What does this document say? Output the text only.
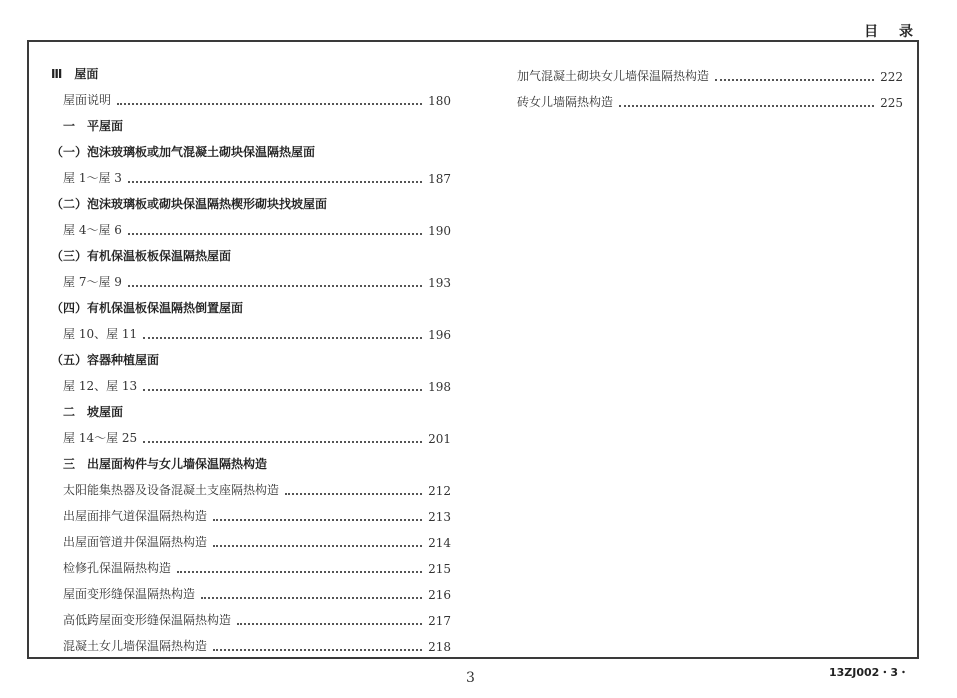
目 录
Ⅲ　屋面
屋面说明	180
一　平屋面
（一）泡沫玻璃板或加气混凝土砌块保温隔热屋面
屋 1～屋 3	187
（二）泡沫玻璃板或砌块保温隔热楔形砌块找坡屋面
屋 4～屋 6	190
（三）有机保温板板保温隔热屋面
屋 7～屋 9	193
（四）有机保温板保温隔热倒置屋面
屋 10、屋 11	196
（五）容器种植屋面
屋 12、屋 13	198
二　坡屋面
屋 14～屋 25	201
三　出屋面构件与女儿墙保温隔热构造
太阳能集热器及设备混凝土支座隔热构造	212
出屋面排气道保温隔热构造	213
出屋面管道井保温隔热构造	214
检修孔保温隔热构造	215
屋面变形缝保温隔热构造	216
高低跨屋面变形缝保温隔热构造	217
混凝土女儿墙保温隔热构造	218
加气混凝土砌块女儿墙保温隔热构造	222
砖女儿墙隔热构造	225
3	13ZJ002・3・
